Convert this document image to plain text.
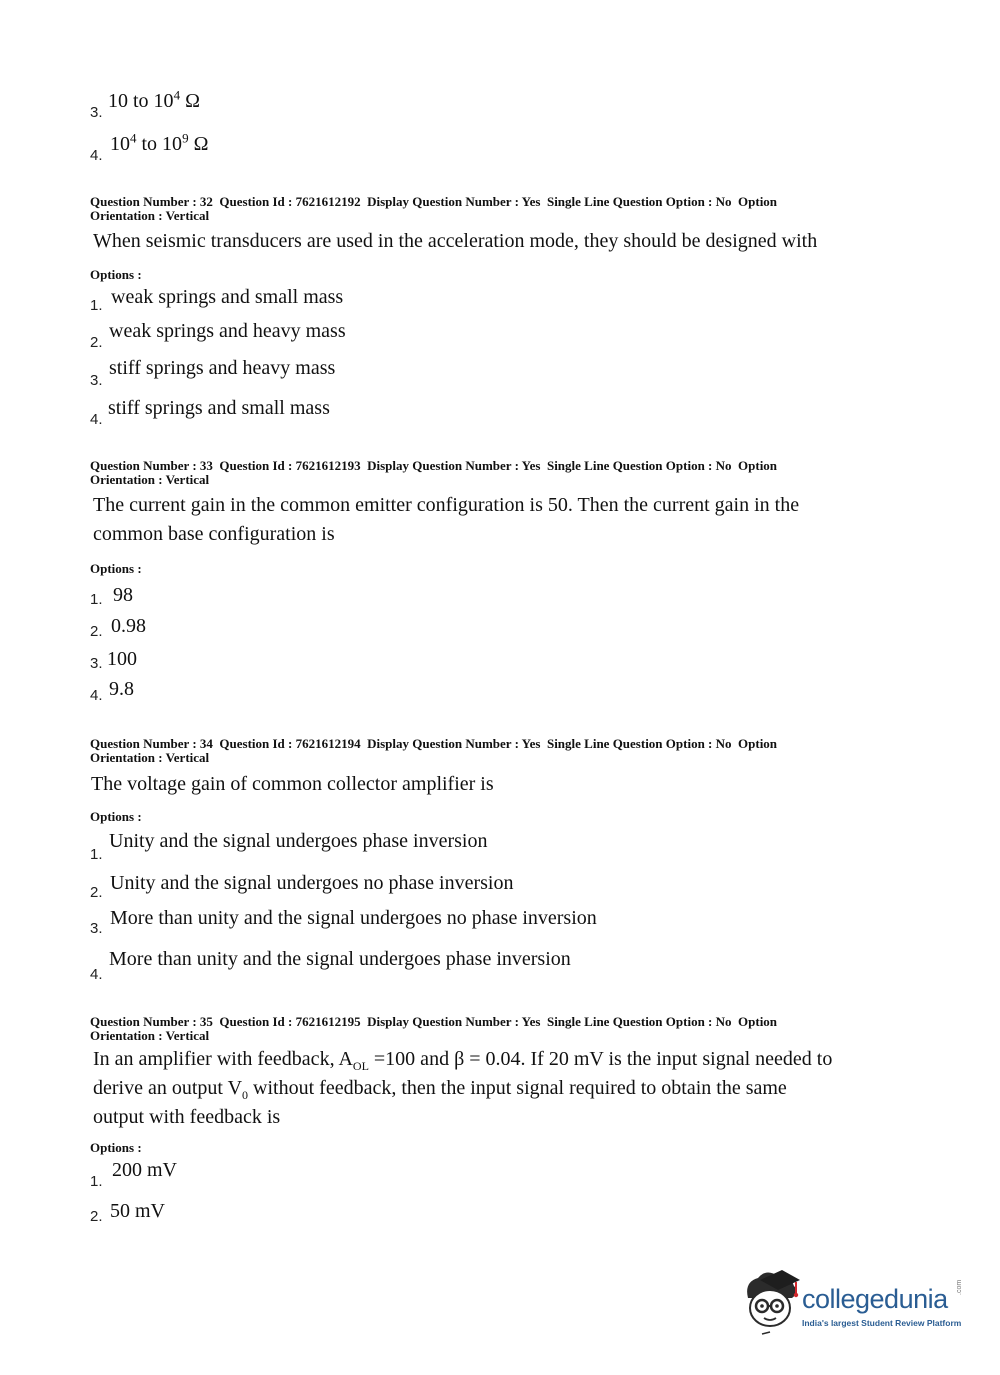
3.
10 to $10^4$ Ω
4.
$10^4$ to $10^9$ Ω
Question Number : 32  Question Id : 7621612192  Display Question Number : Yes  Single Line Question Option : No  Option
Orientation : Vertical
When seismic transducers are used in the acceleration mode, they should be designed with
Options :
1. weak springs and small mass
2.
weak springs and heavy mass
3.
stiff springs and heavy mass
4.
stiff springs and small mass
Question Number : 33  Question Id : 7621612193  Display Question Number : Yes  Single Line Question Option : No  Option
Orientation : Vertical
The current gain in the common emitter configuration is 50. Then the current gain in the
common base configuration is
Options :
1. 98
2. 0.98
3. 100
4. 9.8
Question Number : 34  Question Id : 7621612194  Display Question Number : Yes  Single Line Question Option : No  Option
Orientation : Vertical
The voltage gain of common collector amplifier is
Options :
1.
Unity and the signal undergoes phase inversion
2. Unity and the signal undergoes no phase inversion
3. More than unity and the signal undergoes no phase inversion
4.
More than unity and the signal undergoes phase inversion
Question Number : 35  Question Id : 7621612195  Display Question Number : Yes  Single Line Question Option : No  Option
Orientation : Vertical
In an amplifier with feedback, $A_{OL} =100$ and β = 0.04. If 20 mV is the input signal needed to
derive an output $V_0$ without feedback, then the input signal required to obtain the same
output with feedback is
Options :
1.
200 mV
2. 50 mV
collegedunia .com
India's largest Student Review Platform
